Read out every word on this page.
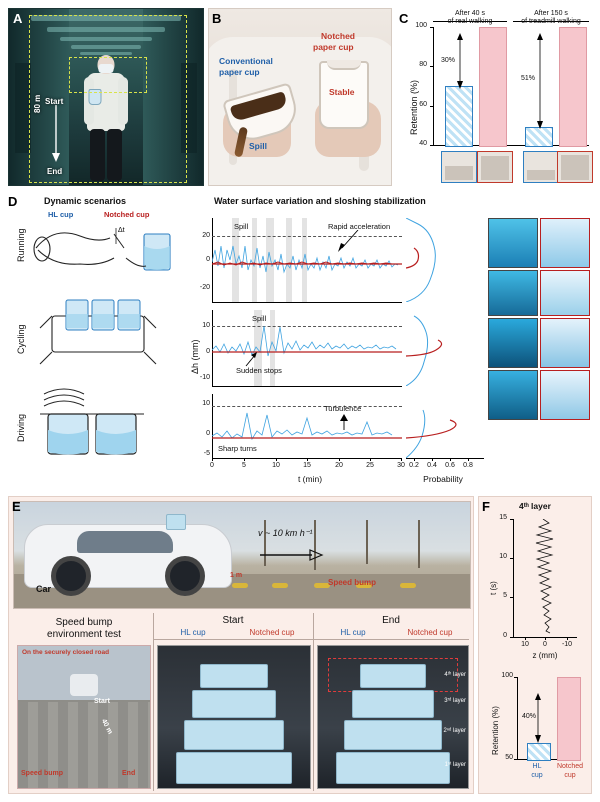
Start
80 m
End
A
Conventional
paper cup
Notched
paper cup
Stable
Spill
B	C	After 40 s
of real walking
After 150 s
of treadmill walking
100
80
60
40
Retention (%)
30%
51%
D	Dynamic scenarios	Water surface variation and sloshing stabilization
HL cup	Notched cup
Running
Cycling
Driving
Δt
20
0
-20
Spill	Rapid acceleration
10
0
-10
Δh (mm)
Spill
Sudden stops
10
0
-5
Turbulence
Sharp turns
0	5	10	15	20	25	30
t (min)
0.2	0.4	0.6	0.8
Probability
E
Car
v ~ 10 km h⁻¹
1 m
Speed bump
Speed bump
environment test
Start	End
HL cup	Notched cup	HL cup	Notched cup
On the securely closed road
Start
40 m
Speed bump	End
4ᵗʰ layer
3ʳᵈ layer
2ⁿᵈ layer
1ˢᵗ layer
F	4ᵗʰ layer
15
10
5
0
t (s)
10	0	-10
z (mm)
100
50
Retention (%)	40%
HL
cup
Notched
cup
